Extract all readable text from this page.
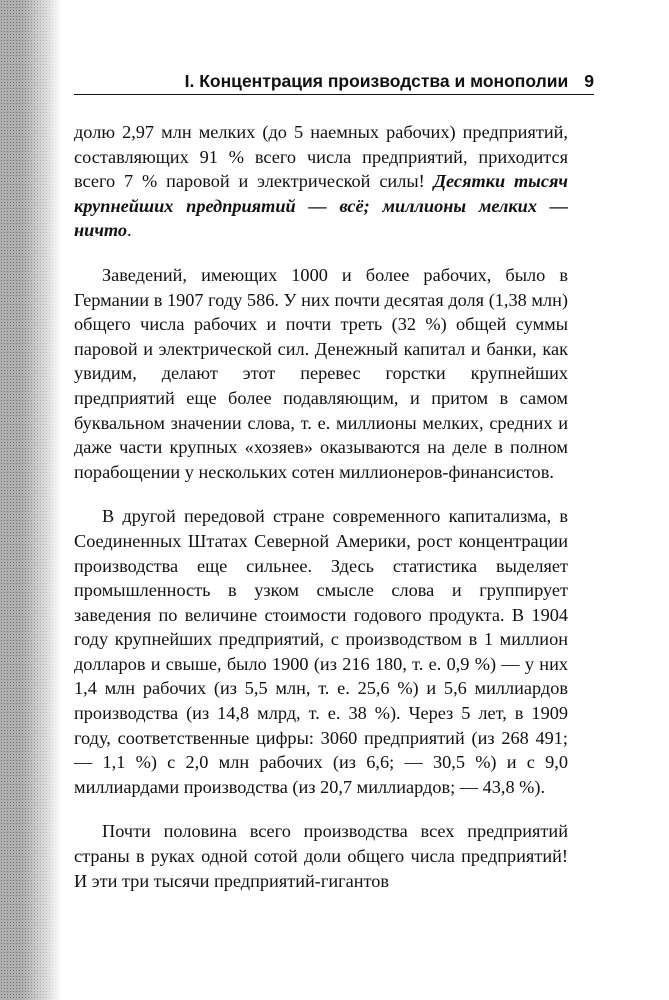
I. Концентрация производства и монополии 9

долю 2,97 млн мелких (до 5 наемных рабочих) предприятий, составляющих 91 % всего числа предприятий, приходится всего 7 % паровой и электрической силы! Десятки тысяч крупнейших предприятий — всё; миллионы мелких — ничто.

Заведений, имеющих 1000 и более рабочих, было в Германии в 1907 году 586. У них почти десятая доля (1,38 млн) общего числа рабочих и почти треть (32 %) общей суммы паровой и электрической сил. Денежный капитал и банки, как увидим, делают этот перевес горстки крупнейших предприятий еще более подавляющим, и притом в самом буквальном значении слова, т. е. миллионы мелких, средних и даже части крупных «хозяев» оказываются на деле в полном порабощении у нескольких сотен миллионеров-финансистов.

В другой передовой стране современного капитализма, в Соединенных Штатах Северной Америки, рост концентрации производства еще сильнее. Здесь статистика выделяет промышленность в узком смысле слова и группирует заведения по величине стоимости годового продукта. В 1904 году крупнейших предприятий, с производством в 1 миллион долларов и свыше, было 1900 (из 216 180, т. е. 0,9 %) — у них 1,4 млн рабочих (из 5,5 млн, т. е. 25,6 %) и 5,6 миллиардов производства (из 14,8 млрд, т. е. 38 %). Через 5 лет, в 1909 году, соответственные цифры: 3060 предприятий (из 268 491; — 1,1 %) с 2,0 млн рабочих (из 6,6; — 30,5 %) и с 9,0 миллиардами производства (из 20,7 миллиардов; — 43,8 %).

Почти половина всего производства всех предприятий страны в руках одной сотой доли общего числа предприятий! И эти три тысячи предприятий-гигантов
